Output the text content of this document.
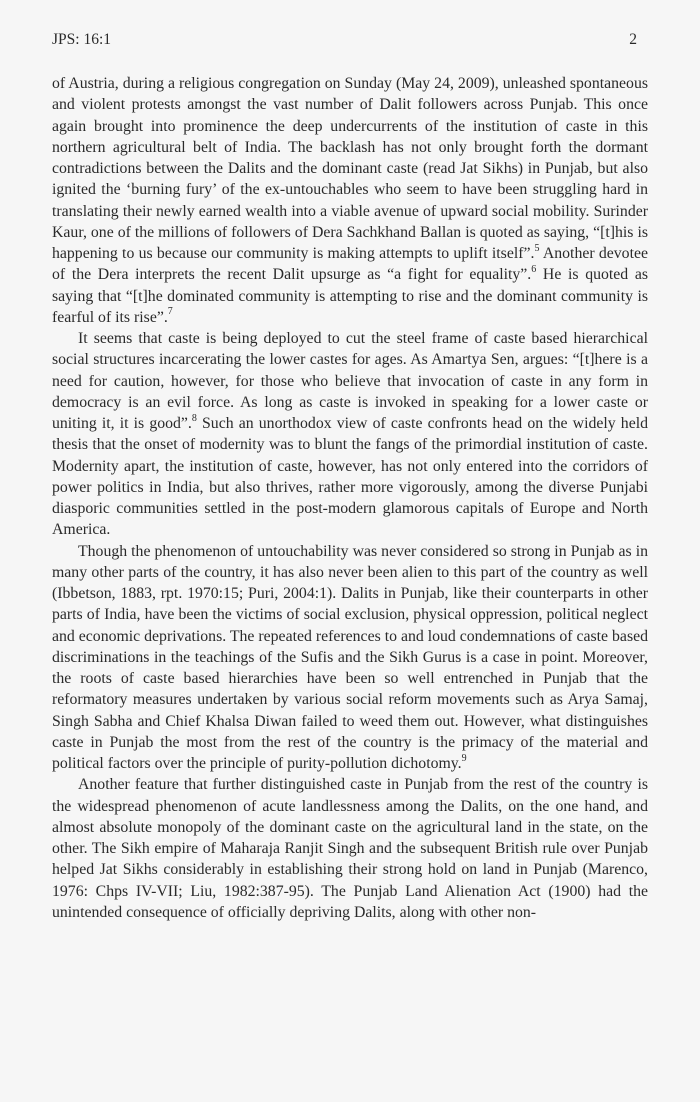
JPS: 16:1	2

of Austria, during a religious congregation on Sunday (May 24, 2009), unleashed spontaneous and violent protests amongst the vast number of Dalit followers across Punjab. This once again brought into prominence the deep undercurrents of the institution of caste in this northern agricultural belt of India. The backlash has not only brought forth the dormant contradictions between the Dalits and the dominant caste (read Jat Sikhs) in Punjab, but also ignited the ‘burning fury’ of the ex-untouchables who seem to have been struggling hard in translating their newly earned wealth into a viable avenue of upward social mobility. Surinder Kaur, one of the millions of followers of Dera Sachkhand Ballan is quoted as saying, “[t]his is happening to us because our community is making attempts to uplift itself”.$^5$ Another devotee of the Dera interprets the recent Dalit upsurge as “a fight for equality”.$^6$ He is quoted as saying that “[t]he dominated community is attempting to rise and the dominant community is fearful of its rise”.$^7$

It seems that caste is being deployed to cut the steel frame of caste based hierarchical social structures incarcerating the lower castes for ages. As Amartya Sen, argues: “[t]here is a need for caution, however, for those who believe that invocation of caste in any form in democracy is an evil force. As long as caste is invoked in speaking for a lower caste or uniting it, it is good”.$^8$ Such an unorthodox view of caste confronts head on the widely held thesis that the onset of modernity was to blunt the fangs of the primordial institution of caste. Modernity apart, the institution of caste, however, has not only entered into the corridors of power politics in India, but also thrives, rather more vigorously, among the diverse Punjabi diasporic communities settled in the post-modern glamorous capitals of Europe and North America.

Though the phenomenon of untouchability was never considered so strong in Punjab as in many other parts of the country, it has also never been alien to this part of the country as well (Ibbetson, 1883, rpt. 1970:15; Puri, 2004:1). Dalits in Punjab, like their counterparts in other parts of India, have been the victims of social exclusion, physical oppression, political neglect and economic deprivations. The repeated references to and loud condemnations of caste based discriminations in the teachings of the Sufis and the Sikh Gurus is a case in point. Moreover, the roots of caste based hierarchies have been so well entrenched in Punjab that the reformatory measures undertaken by various social reform movements such as Arya Samaj, Singh Sabha and Chief Khalsa Diwan failed to weed them out. However, what distinguishes caste in Punjab the most from the rest of the country is the primacy of the material and political factors over the principle of purity-pollution dichotomy.$^9$

Another feature that further distinguished caste in Punjab from the rest of the country is the widespread phenomenon of acute landlessness among the Dalits, on the one hand, and almost absolute monopoly of the dominant caste on the agricultural land in the state, on the other. The Sikh empire of Maharaja Ranjit Singh and the subsequent British rule over Punjab helped Jat Sikhs considerably in establishing their strong hold on land in Punjab (Marenco, 1976: Chps IV-VII; Liu, 1982:387-95). The Punjab Land Alienation Act (1900) had the unintended consequence of officially depriving Dalits, along with other non-
